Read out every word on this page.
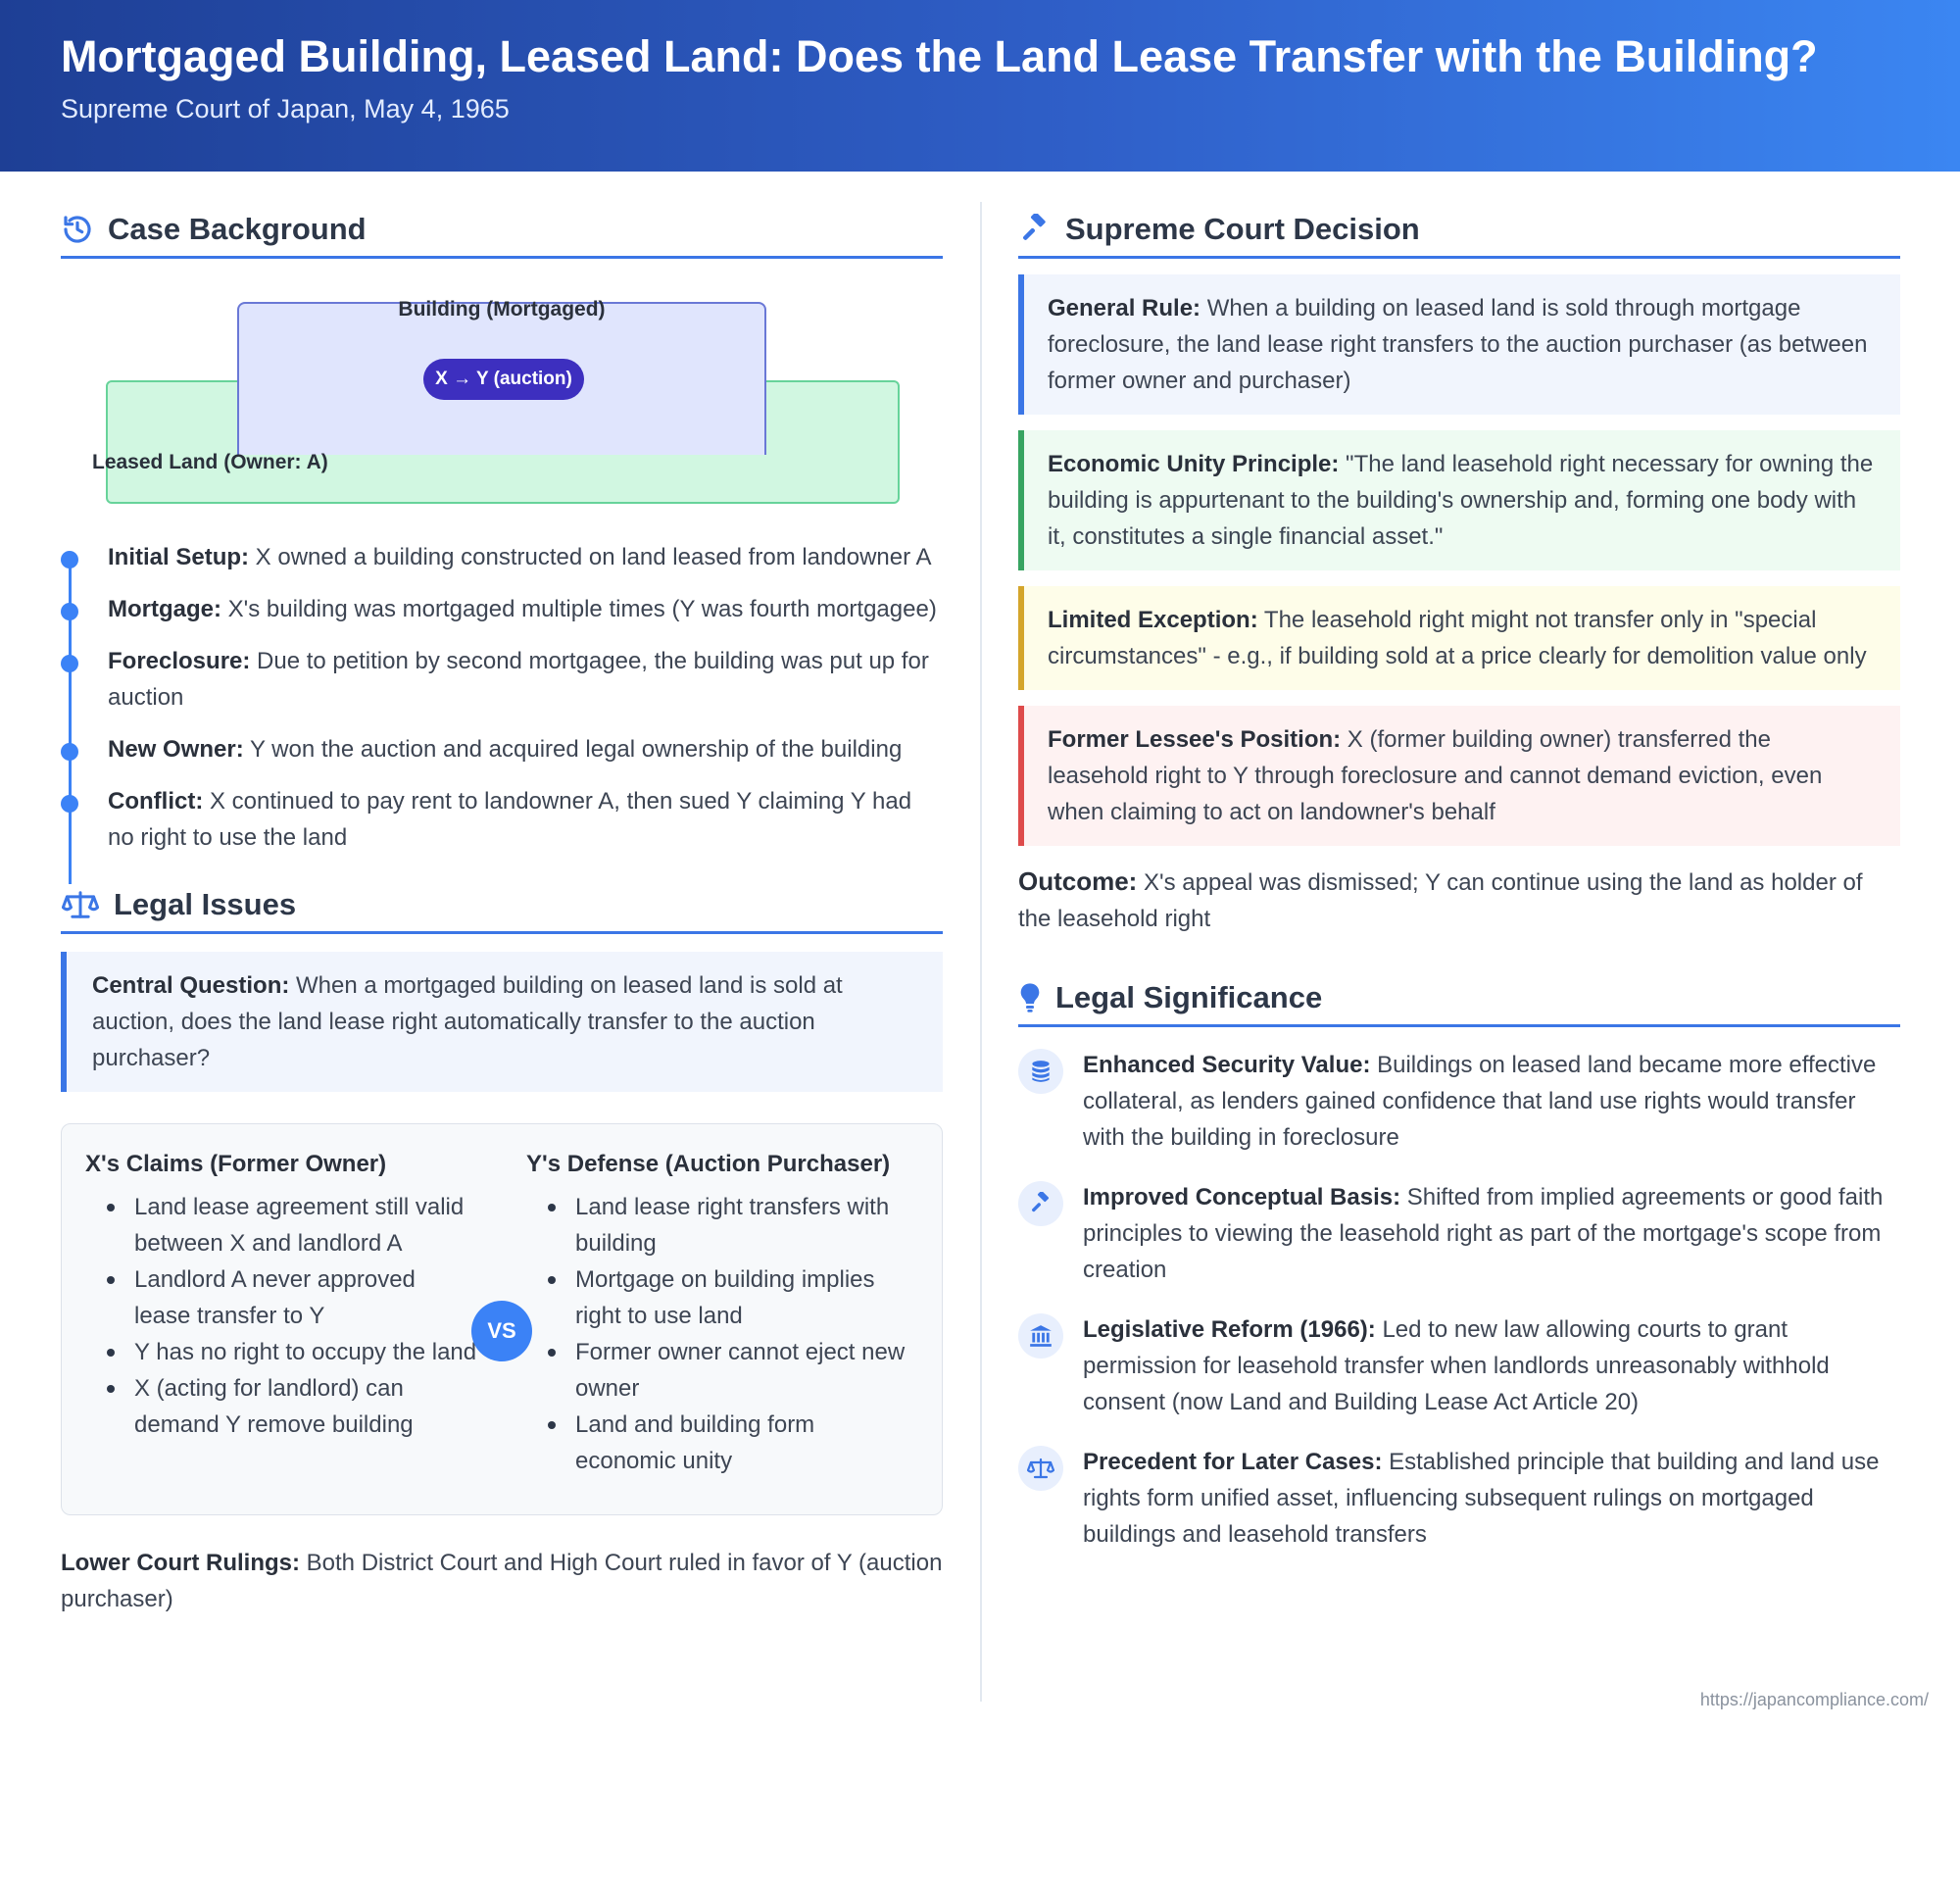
Mortgaged Building, Leased Land: Does the Land Lease Transfer with the Building?
Supreme Court of Japan, May 4, 1965
Case Background
Building (Mortgaged)
X → Y (auction)
Leased Land (Owner: A)
Initial Setup: X owned a building constructed on land leased from landowner A
Mortgage: X's building was mortgaged multiple times (Y was fourth mortgagee)
Foreclosure: Due to petition by second mortgagee, the building was put up for auction
New Owner: Y won the auction and acquired legal ownership of the building
Conflict: X continued to pay rent to landowner A, then sued Y claiming Y had no right to use the land
Legal Issues
Central Question: When a mortgaged building on leased land is sold at auction, does the land lease right automatically transfer to the auction purchaser?
X's Claims (Former Owner)
Land lease agreement still valid between X and landlord A
Landlord A never approved lease transfer to Y
Y has no right to occupy the land
X (acting for landlord) can demand Y remove building
VS
Y's Defense (Auction Purchaser)
Land lease right transfers with building
Mortgage on building implies right to use land
Former owner cannot eject new owner
Land and building form economic unity
Lower Court Rulings: Both District Court and High Court ruled in favor of Y (auction purchaser)
Supreme Court Decision
General Rule: When a building on leased land is sold through mortgage foreclosure, the land lease right transfers to the auction purchaser (as between former owner and purchaser)
Economic Unity Principle: "The land leasehold right necessary for owning the building is appurtenant to the building's ownership and, forming one body with it, constitutes a single financial asset."
Limited Exception: The leasehold right might not transfer only in "special circumstances" - e.g., if building sold at a price clearly for demolition value only
Former Lessee's Position: X (former building owner) transferred the leasehold right to Y through foreclosure and cannot demand eviction, even when claiming to act on landowner's behalf
Outcome: X's appeal was dismissed; Y can continue using the land as holder of the leasehold right
Legal Significance
Enhanced Security Value: Buildings on leased land became more effective collateral, as lenders gained confidence that land use rights would transfer with the building in foreclosure
Improved Conceptual Basis: Shifted from implied agreements or good faith principles to viewing the leasehold right as part of the mortgage's scope from creation
Legislative Reform (1966): Led to new law allowing courts to grant permission for leasehold transfer when landlords unreasonably withhold consent (now Land and Building Lease Act Article 20)
Precedent for Later Cases: Established principle that building and land use rights form unified asset, influencing subsequent rulings on mortgaged buildings and leasehold transfers
https://japancompliance.com/
